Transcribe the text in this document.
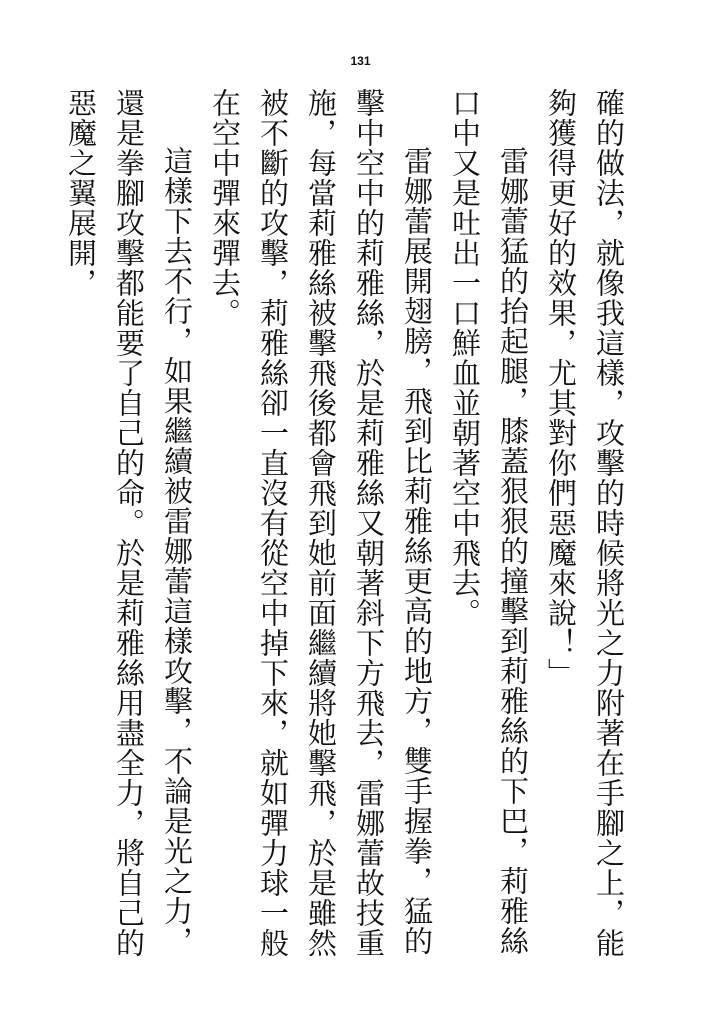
131

確的做法，就像我這樣，攻擊的時候將光之力附著在手腳之上，能夠獲得更好的效果，尤其對你們惡魔來說！」

雷娜蕾猛的抬起腿，膝蓋狠狠的撞擊到莉雅絲的下巴，莉雅絲口中又是吐出一口鮮血並朝著空中飛去。

雷娜蕾展開翅膀，飛到比莉雅絲更高的地方，雙手握拳，猛的擊中空中的莉雅絲，於是莉雅絲又朝著斜下方飛去，雷娜蕾故技重施，每當莉雅絲被擊飛後都會飛到她前面繼續將她擊飛，於是雖然被不斷的攻擊，莉雅絲卻一直沒有從空中掉下來，就如彈力球一般在空中彈來彈去。

這樣下去不行，如果繼續被雷娜蕾這樣攻擊，不論是光之力，還是拳腳攻擊都能要了自己的命。於是莉雅絲用盡全力，將自己的惡魔之翼展開，
